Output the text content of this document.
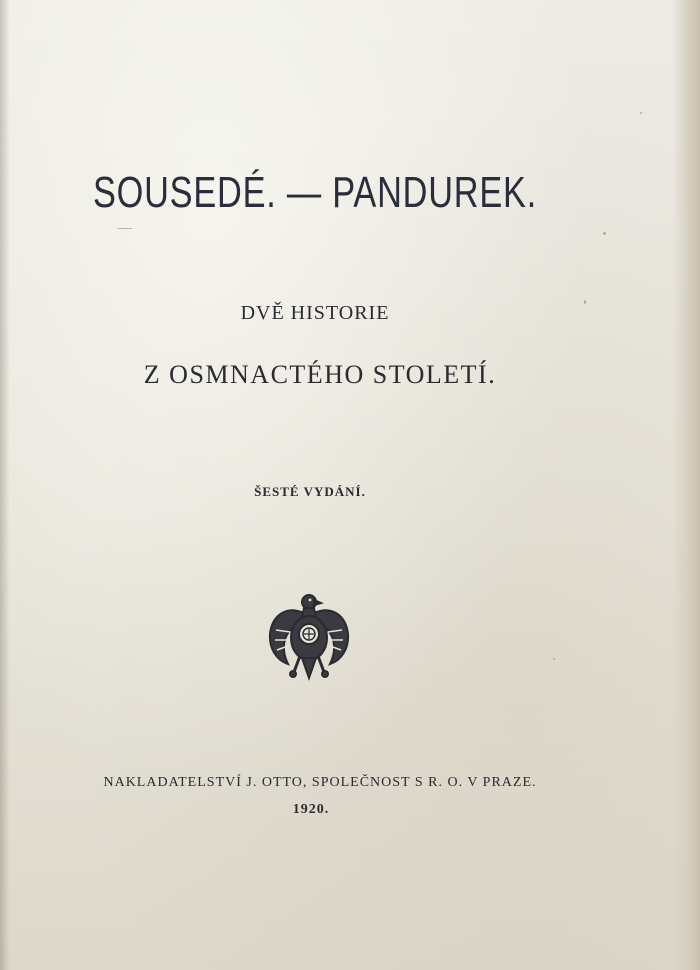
SOUSEDÉ. — PANDUREK.
DVĚ HISTORIE
Z OSMNACTÉHO STOLETÍ.
ŠESTÉ VYDÁNÍ.
NAKLADATELSTVÍ J. OTTO, SPOLEČNOST S R. O. V PRAZE.
1920.
